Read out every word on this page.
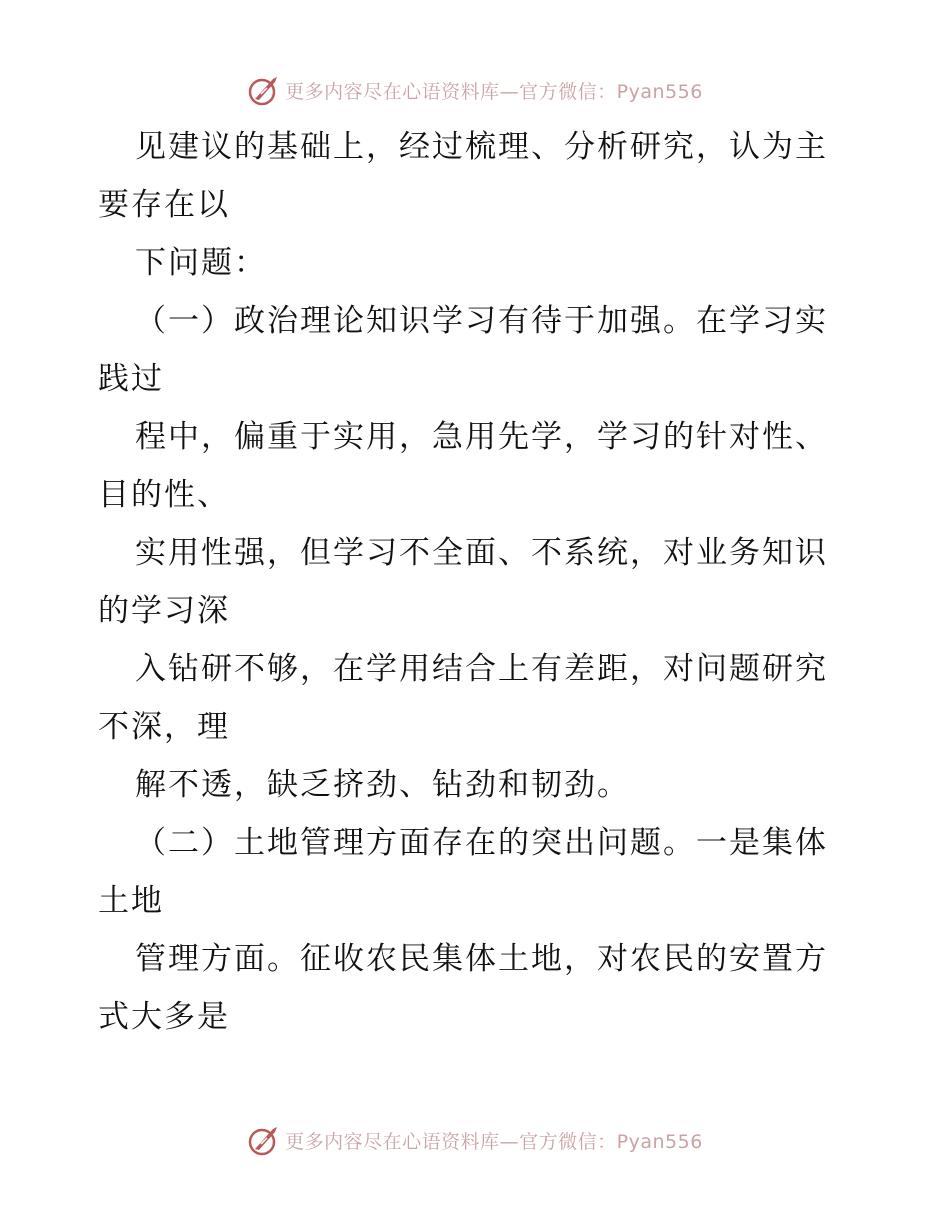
更多内容尽在心语资料库—官方微信：Pyan556
见建议的基础上，经过梳理、分析研究，认为主
要存在以
下问题：
（一）政治理论知识学习有待于加强。在学习实
践过
程中，偏重于实用，急用先学，学习的针对性、
目的性、
实用性强，但学习不全面、不系统，对业务知识
的学习深
入钻研不够，在学用结合上有差距，对问题研究
不深，理
解不透，缺乏挤劲、钻劲和韧劲。
（二）土地管理方面存在的突出问题。一是集体
土地
管理方面。征收农民集体土地，对农民的安置方
式大多是
更多内容尽在心语资料库—官方微信：Pyan556
